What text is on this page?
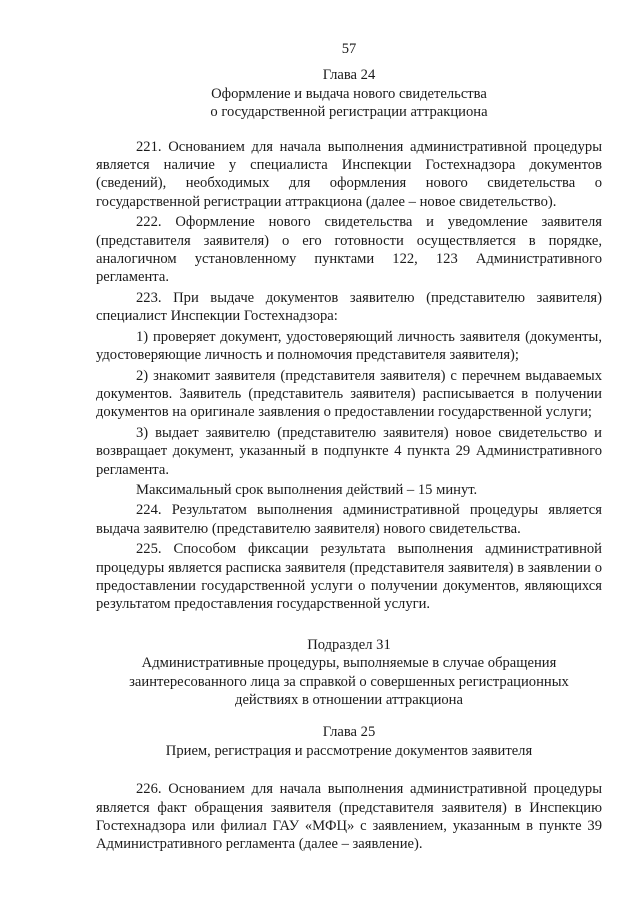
57

Глава 24

Оформление и выдача нового свидетельства

о государственной регистрации аттракциона

221. Основанием для начала выполнения административной процедуры является наличие у специалиста Инспекции Гостехнадзора документов (сведений), необходимых для оформления нового свидетельства о государственной регистрации аттракциона (далее – новое свидетельство).

222. Оформление нового свидетельства и уведомление заявителя (представителя заявителя) о его готовности осуществляется в порядке, аналогичном установленному пунктами 122, 123 Административного регламента.

223. При выдаче документов заявителю (представителю заявителя) специалист Инспекции Гостехнадзора:

1) проверяет документ, удостоверяющий личность заявителя (документы, удостоверяющие личность и полномочия представителя заявителя);

2) знакомит заявителя (представителя заявителя) с перечнем выдаваемых документов. Заявитель (представитель заявителя) расписывается в получении документов на оригинале заявления о предоставлении государственной услуги;

3) выдает заявителю (представителю заявителя) новое свидетельство и возвращает документ, указанный в подпункте 4 пункта 29 Административного регламента.

Максимальный срок выполнения действий – 15 минут.

224. Результатом выполнения административной процедуры является выдача заявителю (представителю заявителя) нового свидетельства.

225. Способом фиксации результата выполнения административной процедуры является расписка заявителя (представителя заявителя) в заявлении о предоставлении государственной услуги о получении документов, являющихся результатом предоставления государственной услуги.

Подраздел 31

Административные процедуры, выполняемые в случае обращения

заинтересованного лица за справкой о совершенных регистрационных

действиях в отношении аттракциона

Глава 25

Прием, регистрация и рассмотрение документов заявителя

226. Основанием для начала выполнения административной процедуры является факт обращения заявителя (представителя заявителя) в Инспекцию Гостехнадзора или филиал ГАУ «МФЦ» с заявлением, указанным в пункте 39 Административного регламента (далее – заявление).
